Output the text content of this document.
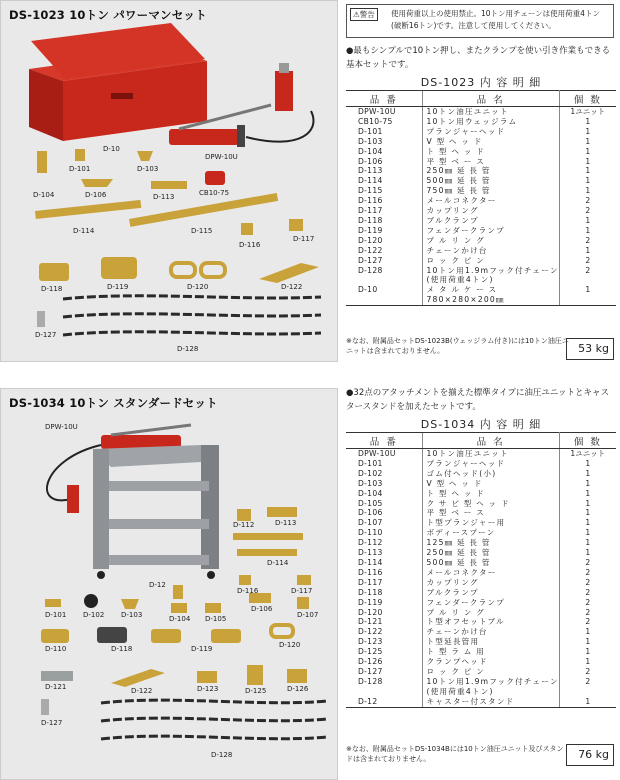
DS-1023 10トン パワーマンセット
D-10
DPW-10U
D-101	D-103
D-104	D-106	D-113	CB10-75
D-114	D-115
D-116
D-117
D-118	D-119	D-120	D-122
D-127
D-128
⚠警告	使用荷重以上の使用禁止。10トン用チェーンは使用荷重4トン(破断16トン)です。注意して使用してください。
●最もシンプルで10トン押し、またクランプを使い引き作業もできる基本セットです。
DS-1023 内 容 明 細
品 番	品 名	個 数
DPW-10U	10トン油圧ユニット	1ユニット
CB10-75	10トン用ウェッジラム	1
D-101	プランジャーヘッド	1
D-103	V 型 ヘ ッ ド	1
D-104	ト 型 ヘ ッ ド	1
D-106	平 型 ベ ー ス	1
D-113	250㎜ 延 長 管	1
D-114	500㎜ 延 長 管	1
D-115	750㎜ 延 長 管	1
D-116	メールコネクター	2
D-117	カップリング	2
D-118	ブルクランプ	1
D-119	フェンダークランプ	1
D-120	プ ル リ ン グ	2
D-122	チェーンかけ台	1
D-127	ロ ッ ク ピ ン	2
D-128	10トン用1.9mフック付チェーン	2
	(使用荷重4トン)	
D-10	メ タ ル ケ ー ス	1
	780×280×200㎜	
※なお、附属品セットDS-1023B(ウェッジラム付き)には10トン油圧ユニットは含まれておりません。	53 kg
DS-1034 10トン スタンダードセット
DPW-10U
D-112	D-113
D-114
D-12
D-116	D-117
D-101 D-102 D-103	D-104 D-105
D-106
D-107
D-110	D-118	D-119	D-120
D-121	D-122	D-123	D-125	D-126
D-127
D-128
●32点のアタッチメントを揃えた標準タイプに油圧ユニットとキャスタースタンドを加えたセットです。
DS-1034 内 容 明 細
品 番	品 名	個 数
DPW-10U	10トン油圧ユニット	1ユニット
D-101	プランジャーヘッド	1
D-102	ゴム付ヘッド(小)	1
D-103	V 型 ヘ ッ ド	1
D-104	ト 型 ヘ ッ ド	1
D-105	ク サ ビ 型 ヘ ッ ド	1
D-106	平 型 ベ ー ス	1
D-107	ト型プランジャー用	1
D-110	ボディースプーン	1
D-112	125㎜ 延 長 管	1
D-113	250㎜ 延 長 管	1
D-114	500㎜ 延 長 管	2
D-116	メールコネクター	2
D-117	カップリング	2
D-118	ブルクランプ	2
D-119	フェンダークランプ	2
D-120	プ ル リ ン グ	2
D-121	ト型オフセットブル	2
D-122	チェーンかけ台	1
D-123	ト型延長管用	1
D-125	ト 型 ラ ム 用	1
D-126	クランプヘッド	1
D-127	ロ ッ ク ピ ン	2
D-128	10トン用1.9mフック付チェーン	2
	(使用荷重4トン)	
D-12	キャスター付スタンド	1
※なお、附属品セットDS-1034Bには10トン油圧ユニット及びスタンドは含まれておりません。	76 kg
